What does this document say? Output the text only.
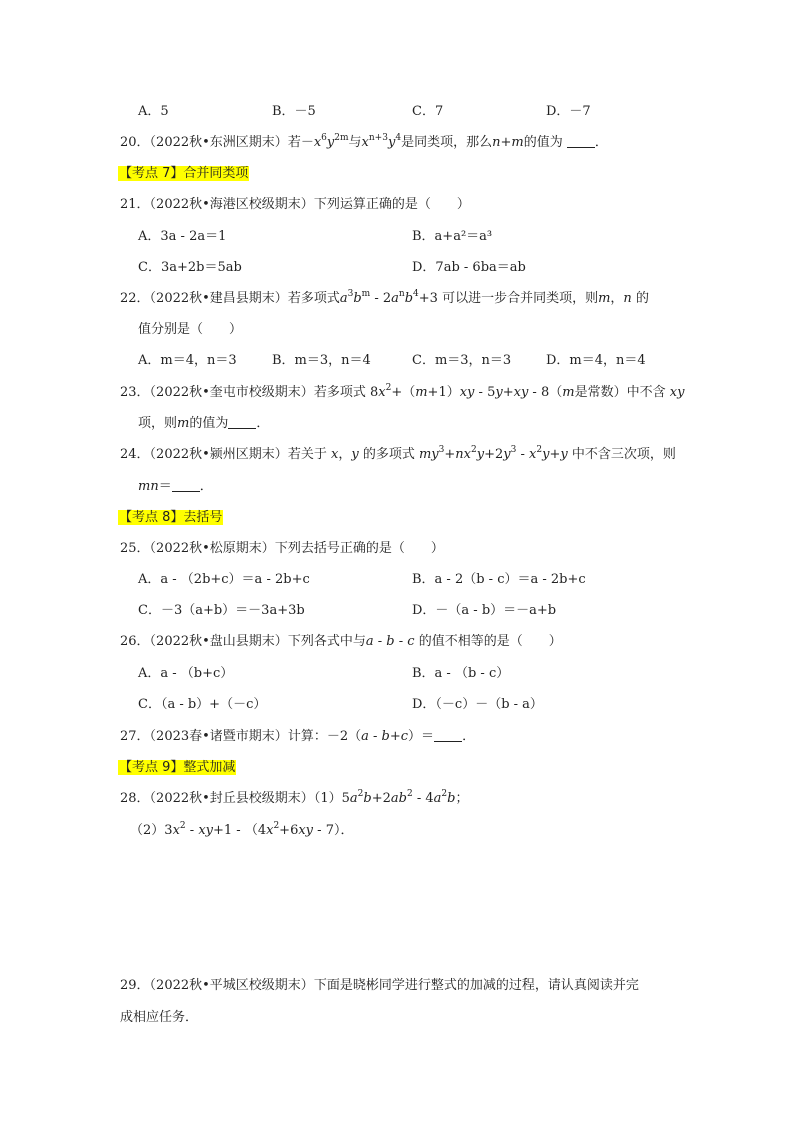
A．5	B．－5	C．7	D．－7
20．（2022秋•东洲区期末）若$-x^6y^{2m}$与$x^{n+3}y^4$是同类项，那么n+m的值为 ．
【考点 7】合并同类项
21．（2022秋•海港区校级期末）下列运算正确的是（　　）
A．3a - 2a＝1	B．a+a²＝a³
C．3a+2b＝5ab	D．7ab - 6ba＝ab
22．（2022秋•建昌县期末）若多项式$a^3b^m - 2a^nb^4+3$ 可以进一步合并同类项，则m，n 的
值分别是（　　）
A．m＝4，n＝3	B．m＝3，n＝4	C．m＝3，n＝3	D．m＝4，n＝4
23．（2022秋•奎屯市校级期末）若多项式 $8x^2+(m+1)xy - 5y+xy - 8(m$是常数）中不含 xy
项，则m的值为 ．
24．（2022秋•颍州区期末）若关于 x，y 的多项式 $my^3+nx^2y+2y^3 - x^2y+y$ 中不含三次项，则
mn＝ ．
【考点 8】去括号
25．（2022秋•松原期末）下列去括号正确的是（　　）
A．a - （2b+c）＝a - 2b+c	B．a - 2（b - c）＝a - 2b+c
C．－3（a+b）＝－3a+3b	D．－（a - b）＝－a+b
26．（2022秋•盘山县期末）下列各式中与a - b - c 的值不相等的是（　　）
A．a - （b+c）	B．a - （b - c）
C．（a - b）+（－c）	D．（－c）－（b - a）
27．（2023春•诸暨市期末）计算：－2（a - b+c）＝ ．
【考点 9】整式加减
28．（2022秋•封丘县校级期末）$(1)5a^2b+2ab^2 - 4a^2b$；
$(2)3x^2 - xy+1 - (4x^2+6xy - 7)$．
29．（2022秋•平城区校级期末）下面是晓彬同学进行整式的加减的过程，请认真阅读并完
成相应任务．
